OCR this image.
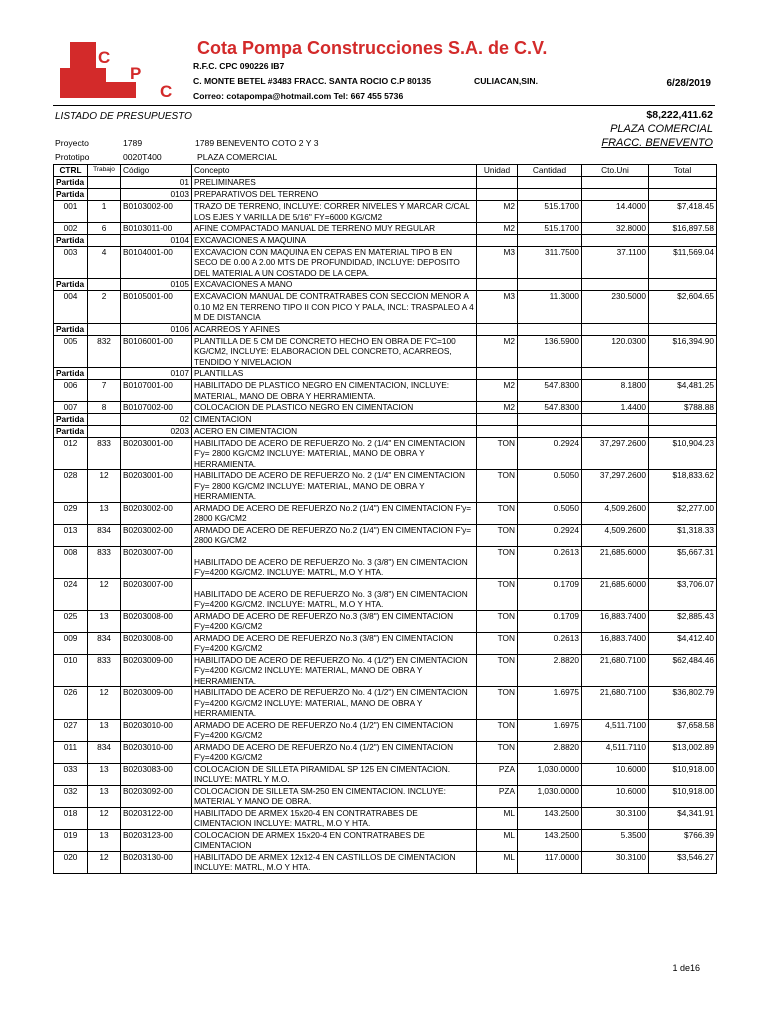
C
P
C
Cota Pompa Construcciones S.A. de C.V.
R.F.C. CPC 090226 IB7
C. MONTE BETEL #3483 FRACC. SANTA ROCIO C.P 80135	CULIACAN,SIN.
Correo: cotapompa@hotmail.com Tel: 667 455 5736
6/28/2019
LISTADO DE PRESUPUESTO	$8,222,411.62
PLAZA COMERCIAL
FRACC. BENEVENTO
Proyecto	1789	1789 BENEVENTO COTO 2 Y 3
Prototipo	0020T400	PLAZA COMERCIAL
CTRL	Trabajo	Código	Concepto	Unidad	Cantidad	Cto.Uni	Total
Partida		01	PRELIMINARES				
Partida		0103	PREPARATIVOS DEL TERRENO				
001	1	B0103002-00	TRAZO DE TERRENO, INCLUYE: CORRER NIVELES Y MARCAR C/CAL LOS EJES Y VARILLA DE 5/16" FY=6000 KG/CM2	M2	515.1700	14.4000	$7,418.45
002	6	B0103011-00	AFINE COMPACTADO MANUAL DE TERRENO MUY REGULAR	M2	515.1700	32.8000	$16,897.58
Partida		0104	EXCAVACIONES A MAQUINA				
003	4	B0104001-00	EXCAVACION CON MAQUINA EN CEPAS EN MATERIAL TIPO B EN SECO DE 0.00 A 2.00 MTS DE PROFUNDIDAD, INCLUYE: DEPOSITO DEL MATERIAL A UN COSTADO DE LA CEPA.	M3	311.7500	37.1100	$11,569.04
Partida		0105	EXCAVACIONES A MANO				
004	2	B0105001-00	EXCAVACION MANUAL DE CONTRATRABES CON SECCION MENOR A 0.10 M2 EN TERRENO TIPO II CON PICO Y PALA, INCL: TRASPALEO A 4 M DE DISTANCIA	M3	11.3000	230.5000	$2,604.65
Partida		0106	ACARREOS Y AFINES				
005	832	B0106001-00	PLANTILLA DE 5 CM DE CONCRETO HECHO EN OBRA DE F'C=100 KG/CM2, INCLUYE: ELABORACION DEL CONCRETO, ACARREOS, TENDIDO Y NIVELACION	M2	136.5900	120.0300	$16,394.90
Partida		0107	PLANTILLAS				
006	7	B0107001-00	HABILITADO DE PLASTICO NEGRO EN CIMENTACION, INCLUYE: MATERIAL, MANO DE OBRA Y HERRAMIENTA.	M2	547.8300	8.1800	$4,481.25
007	8	B0107002-00	COLOCACION DE PLASTICO NEGRO EN CIMENTACION	M2	547.8300	1.4400	$788.88
Partida		02	CIMENTACION				
Partida		0203	ACERO EN CIMENTACION				
012	833	B0203001-00	HABILITADO DE ACERO DE REFUERZO No. 2 (1/4" EN CIMENTACION F'y= 2800 KG/CM2 INCLUYE: MATERIAL, MANO DE OBRA Y HERRAMIENTA.	TON	0.2924	37,297.2600	$10,904.23
028	12	B0203001-00	HABILITADO DE ACERO DE REFUERZO No. 2 (1/4" EN CIMENTACION F'y= 2800 KG/CM2 INCLUYE: MATERIAL, MANO DE OBRA Y HERRAMIENTA.	TON	0.5050	37,297.2600	$18,833.62
029	13	B0203002-00	ARMADO DE ACERO DE REFUERZO No.2 (1/4") EN CIMENTACION F'y= 2800 KG/CM2	TON	0.5050	4,509.2600	$2,277.00
013	834	B0203002-00	ARMADO DE ACERO DE REFUERZO No.2 (1/4") EN CIMENTACION F'y= 2800 KG/CM2	TON	0.2924	4,509.2600	$1,318.33
008	833	B0203007-00	HABILITADO DE ACERO DE REFUERZO No. 3 (3/8") EN CIMENTACION F'y=4200 KG/CM2. INCLUYE: MATRL, M.O Y HTA.	TON	0.2613	21,685.6000	$5,667.31
024	12	B0203007-00	HABILITADO DE ACERO DE REFUERZO No. 3 (3/8") EN CIMENTACION F'y=4200 KG/CM2. INCLUYE: MATRL, M.O Y HTA.	TON	0.1709	21,685.6000	$3,706.07
025	13	B0203008-00	ARMADO DE ACERO DE REFUERZO No.3 (3/8") EN CIMENTACION F'y=4200 KG/CM2	TON	0.1709	16,883.7400	$2,885.43
009	834	B0203008-00	ARMADO DE ACERO DE REFUERZO No.3 (3/8") EN CIMENTACION F'y=4200 KG/CM2	TON	0.2613	16,883.7400	$4,412.40
010	833	B0203009-00	HABILITADO DE ACERO DE REFUERZO No. 4 (1/2") EN CIMENTACION F'y=4200 KG/CM2 INCLUYE: MATERIAL, MANO DE OBRA Y HERRAMIENTA.	TON	2.8820	21,680.7100	$62,484.46
026	12	B0203009-00	HABILITADO DE ACERO DE REFUERZO No. 4 (1/2") EN CIMENTACION F'y=4200 KG/CM2 INCLUYE: MATERIAL, MANO DE OBRA Y HERRAMIENTA.	TON	1.6975	21,680.7100	$36,802.79
027	13	B0203010-00	ARMADO DE ACERO DE REFUERZO No.4 (1/2") EN CIMENTACION F'y=4200 KG/CM2	TON	1.6975	4,511.7100	$7,658.58
011	834	B0203010-00	ARMADO DE ACERO DE REFUERZO No.4 (1/2") EN CIMENTACION F'y=4200 KG/CM2	TON	2.8820	4,511.7110	$13,002.89
033	13	B0203083-00	COLOCACION DE SILLETA PIRAMIDAL SP 125 EN CIMENTACION. INCLUYE: MATRL Y M.O.	PZA	1,030.0000	10.6000	$10,918.00
032	13	B0203092-00	COLOCACION DE SILLETA SM-250 EN CIMENTACION. INCLUYE: MATERIAL Y MANO DE OBRA.	PZA	1,030.0000	10.6000	$10,918.00
018	12	B0203122-00	HABILITADO DE ARMEX 15x20-4 EN CONTRATRABES DE CIMENTACION INCLUYE: MATRL, M.O Y HTA.	ML	143.2500	30.3100	$4,341.91
019	13	B0203123-00	COLOCACION DE ARMEX 15x20-4 EN CONTRATRABES DE CIMENTACION	ML	143.2500	5.3500	$766.39
020	12	B0203130-00	HABILITADO DE ARMEX 12x12-4 EN CASTILLOS DE CIMENTACION INCLUYE: MATRL, M.O Y HTA.	ML	117.0000	30.3100	$3,546.27
1 de16
